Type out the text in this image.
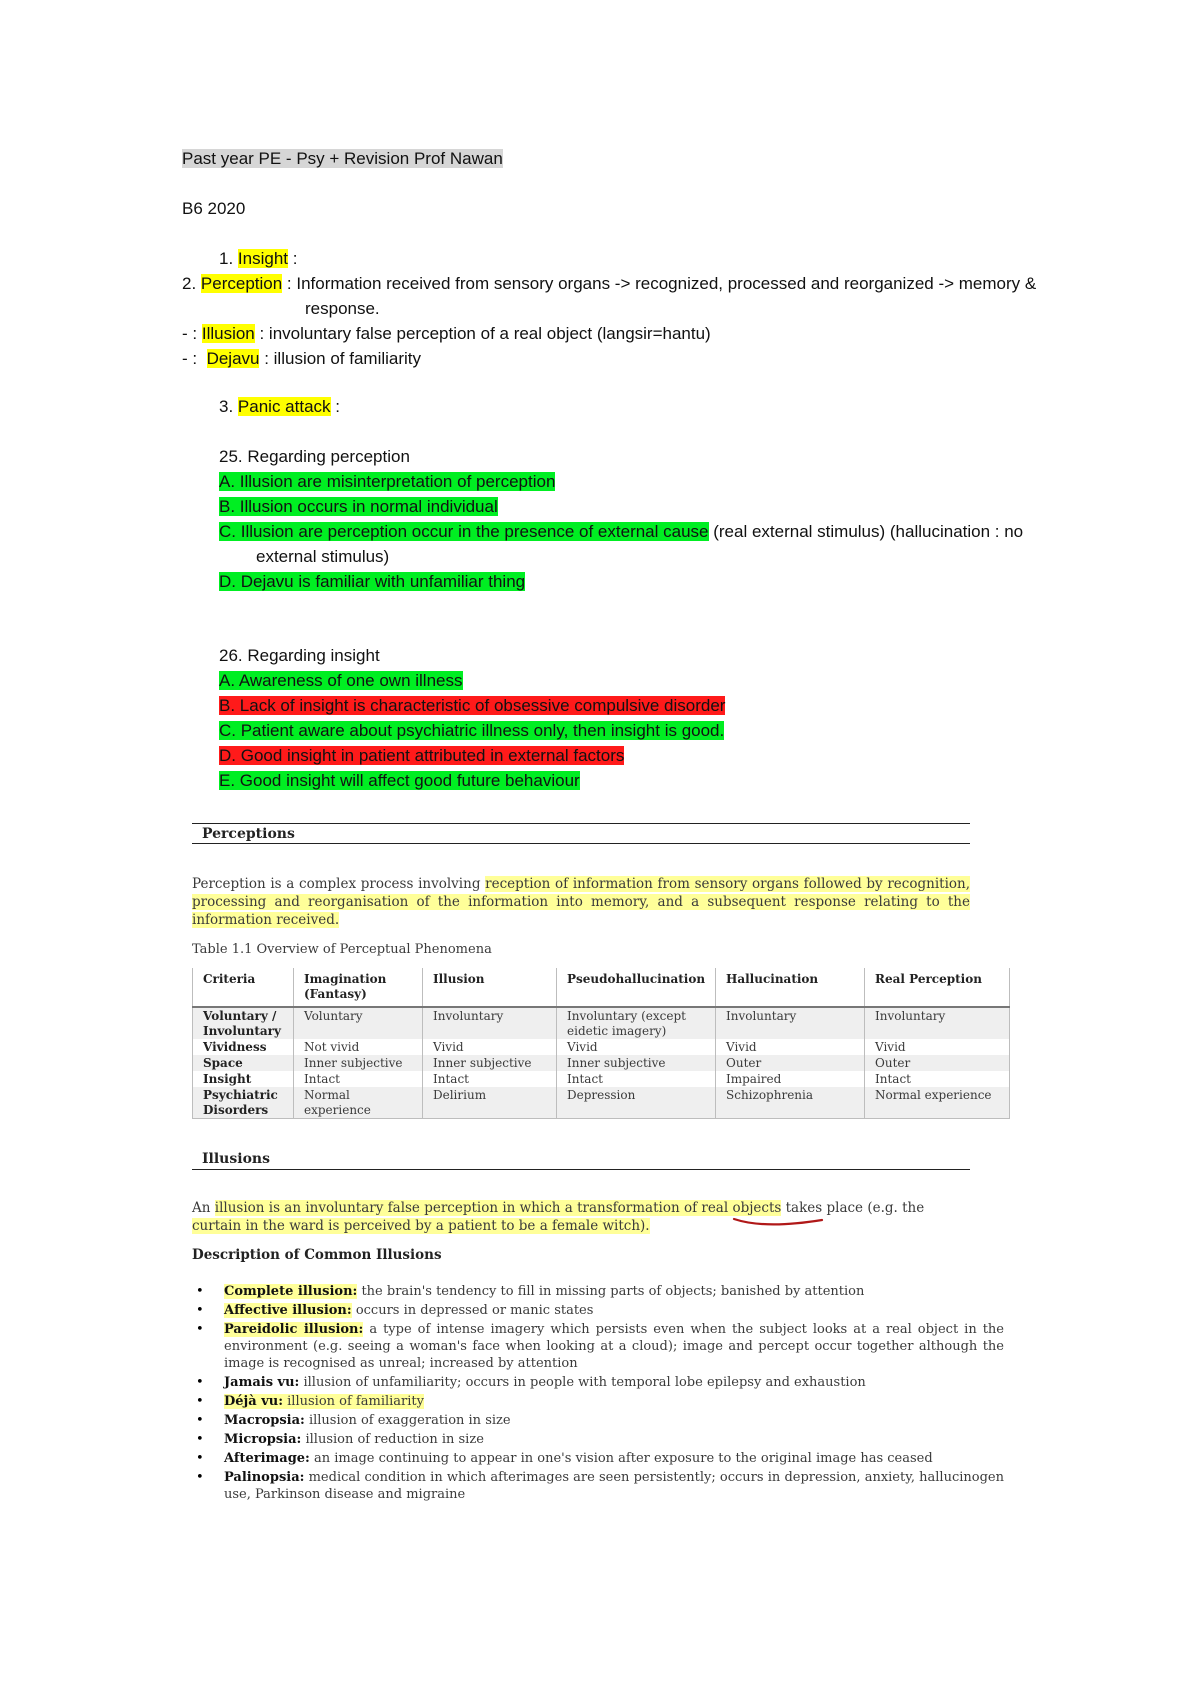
Past year PE - Psy + Revision Prof Nawan
B6 2020
1. Insight :
2. Perception : Information received from sensory organs -> recognized, processed and reorganized -> memory &
response.
- : Illusion : involuntary false perception of a real object (langsir=hantu)
- :  Dejavu : illusion of familiarity
3. Panic attack :
25. Regarding perception
A. Illusion are misinterpretation of perception
B. Illusion occurs in normal individual
C. Illusion are perception occur in the presence of external cause (real external stimulus) (hallucination : no
external stimulus)
D. Dejavu is familiar with unfamiliar thing
26. Regarding insight
A. Awareness of one own illness
B. Lack of insight is characteristic of obsessive compulsive disorder
C. Patient aware about psychiatric illness only, then insight is good.
D. Good insight in patient attributed in external factors
E. Good insight will affect good future behaviour
Perceptions
Perception is a complex process involving reception of information from sensory organs followed by recognition, processing and reorganisation of the information into memory, and a subsequent response relating to the information received.
Table 1.1 Overview of Perceptual Phenomena
Criteria	Imagination (Fantasy)	Illusion	Pseudohallucination	Hallucination	Real Perception
Voluntary / Involuntary	Voluntary	Involuntary	Involuntary (except eidetic imagery)	Involuntary	Involuntary
Vividness	Not vivid	Vivid	Vivid	Vivid	Vivid
Space	Inner subjective	Inner subjective	Inner subjective	Outer	Outer
Insight	Intact	Intact	Intact	Impaired	Intact
Psychiatric Disorders	Normal experience	Delirium	Depression	Schizophrenia	Normal experience
Illusions
An illusion is an involuntary false perception in which a transformation of real objects takes place (e.g. the
curtain in the ward is perceived by a patient to be a female witch).
Description of Common Illusions
• Complete illusion: the brain's tendency to fill in missing parts of objects; banished by attention
• Affective illusion: occurs in depressed or manic states
• Pareidolic illusion: a type of intense imagery which persists even when the subject looks at a real object in the environment (e.g. seeing a woman's face when looking at a cloud); image and percept occur together although the image is recognised as unreal; increased by attention
• Jamais vu: illusion of unfamiliarity; occurs in people with temporal lobe epilepsy and exhaustion
• Déjà vu: illusion of familiarity
• Macropsia: illusion of exaggeration in size
• Micropsia: illusion of reduction in size
• Afterimage: an image continuing to appear in one's vision after exposure to the original image has ceased
• Palinopsia: medical condition in which afterimages are seen persistently; occurs in depression, anxiety, hallucinogen use, Parkinson disease and migraine
